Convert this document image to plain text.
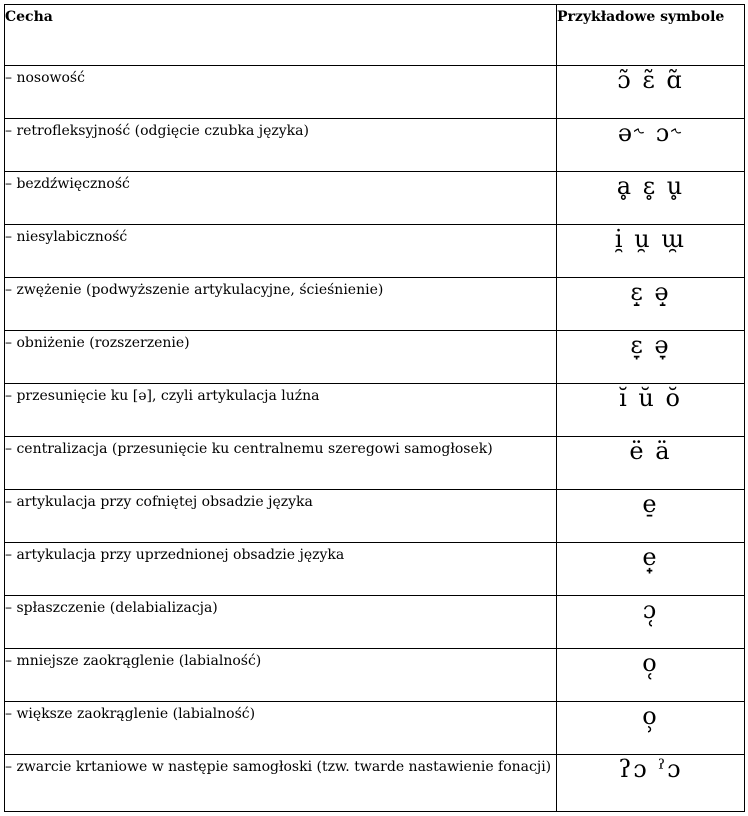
Cecha	Przykładowe symbole
– nosowość	ɔ̃ ɛ̃ ɑ̃
– retrofleksyjność (odgięcie czubka języka)	ə˞ ɔ˞
– bezdźwięczność	ḁ ɛ̥ u̥
– niesylabiczność	i̯ u̯ ɯ̯
– zwężenie (podwyższenie artykulacyjne, ścieśnienie)	ɛ̝ ə̝
– obniżenie (rozszerzenie)	ɛ̞ ə̞
– przesunięcie ku [ə], czyli artykulacja luźna	ĭ ŭ ŏ
– centralizacja (przesunięcie ku centralnemu szeregowi samogłosek)	ë ä
– artykulacja przy cofniętej obsadzie języka	e̠
– artykulacja przy uprzednionej obsadzie języka	e̟
– spłaszczenie (delabializacja)	ɔ̜
– mniejsze zaokrąglenie (labialność)	o̜
– większe zaokrąglenie (labialność)	o̹
– zwarcie krtaniowe w następie samogłoski (tzw. twarde nastawienie fonacji)	ʔɔ ˀɔ
